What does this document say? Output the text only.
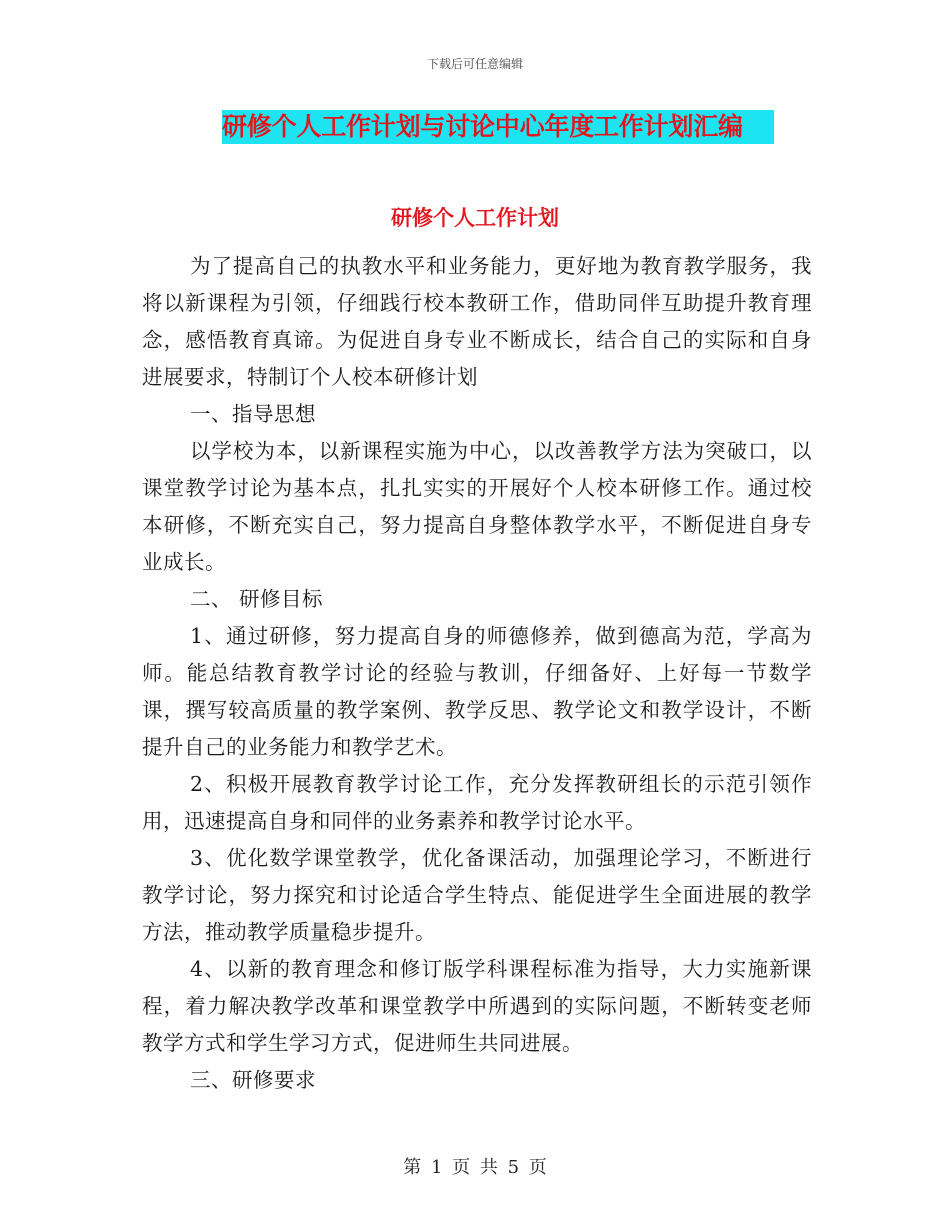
下载后可任意编辑
研修个人工作计划与讨论中心年度工作计划汇编
研修个人工作计划

为了提高自己的执教水平和业务能力，更好地为教育教学服务，我将以新课程为引领，仔细践行校本教研工作，借助同伴互助提升教育理念，感悟教育真谛。为促进自身专业不断成长，结合自己的实际和自身进展要求，特制订个人校本研修计划

一、指导思想

以学校为本，以新课程实施为中心，以改善教学方法为突破口，以课堂教学讨论为基本点，扎扎实实的开展好个人校本研修工作。通过校本研修，不断充实自己，努力提高自身整体教学水平，不断促进自身专业成长。

二、 研修目标

1、通过研修，努力提高自身的师德修养，做到德高为范，学高为师。能总结教育教学讨论的经验与教训，仔细备好、上好每一节数学课，撰写较高质量的教学案例、教学反思、教学论文和教学设计，不断提升自己的业务能力和教学艺术。

2、积极开展教育教学讨论工作，充分发挥教研组长的示范引领作用，迅速提高自身和同伴的业务素养和教学讨论水平。

3、优化数学课堂教学，优化备课活动，加强理论学习，不断进行教学讨论，努力探究和讨论适合学生特点、能促进学生全面进展的教学方法，推动教学质量稳步提升。

4、以新的教育理念和修订版学科课程标准为指导，大力实施新课程，着力解决教学改革和课堂教学中所遇到的实际问题，不断转变老师教学方式和学生学习方式，促进师生共同进展。

三、研修要求

第 1 页 共 5 页
